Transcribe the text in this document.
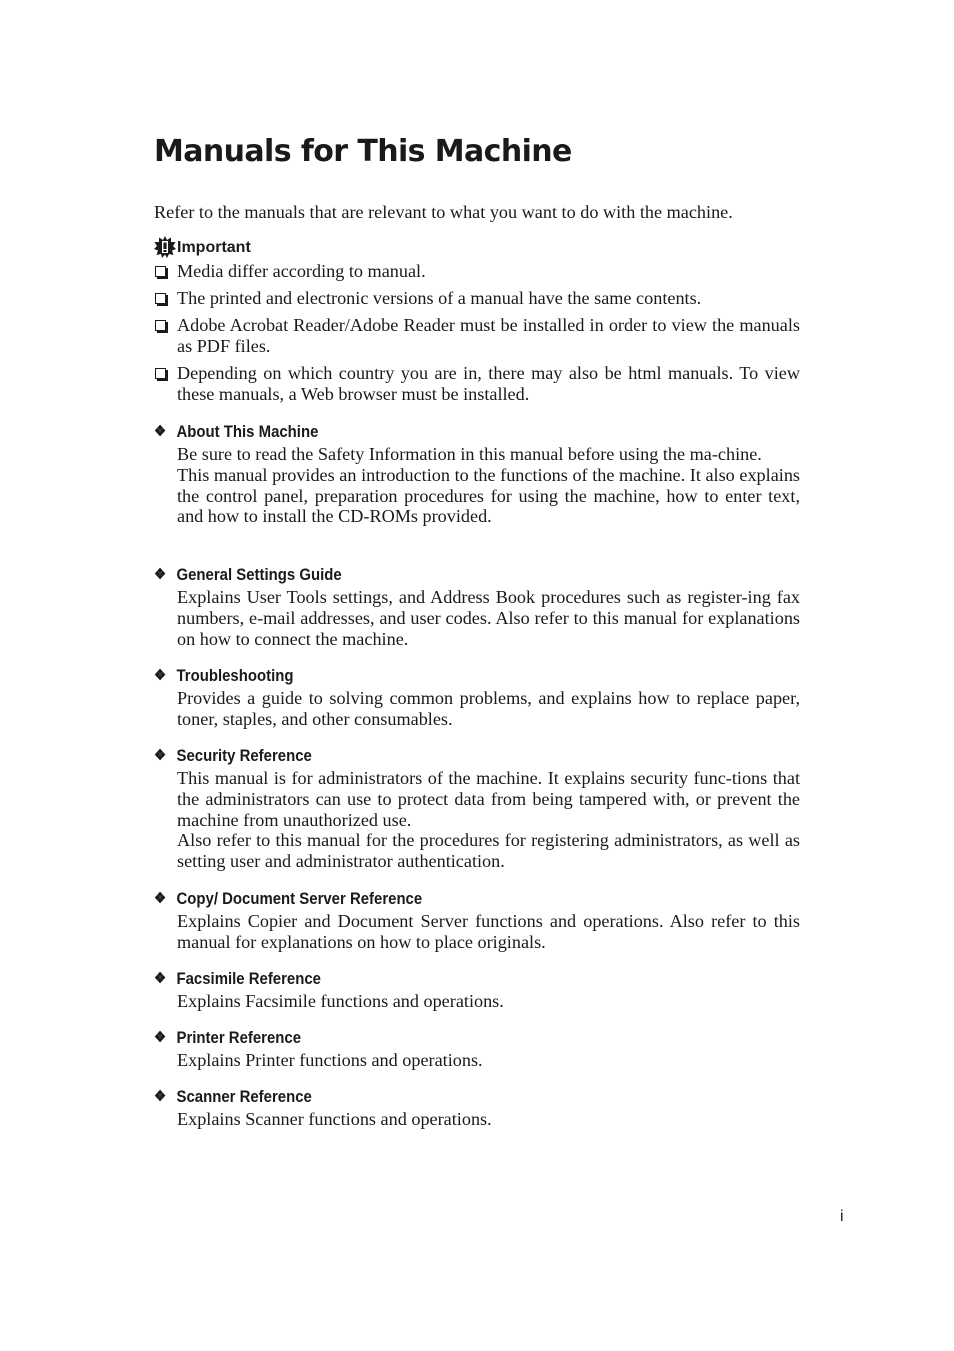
Manuals for This Machine
Refer to the manuals that are relevant to what you want to do with the machine.
Important
Media differ according to manual.
The printed and electronic versions of a manual have the same contents.
Adobe Acrobat Reader/Adobe Reader must be installed in order to view the manuals as PDF files.
Depending on which country you are in, there may also be html manuals. To view these manuals, a Web browser must be installed.
❖ About This Machine

Be sure to read the Safety Information in this manual before using the ma-chine.

This manual provides an introduction to the functions of the machine. It also explains the control panel, preparation procedures for using the machine, how to enter text, and how to install the CD-ROMs provided.

❖ General Settings Guide

Explains User Tools settings, and Address Book procedures such as register-ing fax numbers, e-mail addresses, and user codes. Also refer to this manual for explanations on how to connect the machine.

❖ Troubleshooting

Provides a guide to solving common problems, and explains how to replace paper, toner, staples, and other consumables.

❖ Security Reference

This manual is for administrators of the machine. It explains security func-tions that the administrators can use to protect data from being tampered with, or prevent the machine from unauthorized use.

Also refer to this manual for the procedures for registering administrators, as well as setting user and administrator authentication.

❖ Copy/ Document Server Reference

Explains Copier and Document Server functions and operations. Also refer to this manual for explanations on how to place originals.

❖ Facsimile Reference

Explains Facsimile functions and operations.

❖ Printer Reference

Explains Printer functions and operations.

❖ Scanner Reference

Explains Scanner functions and operations.

i
